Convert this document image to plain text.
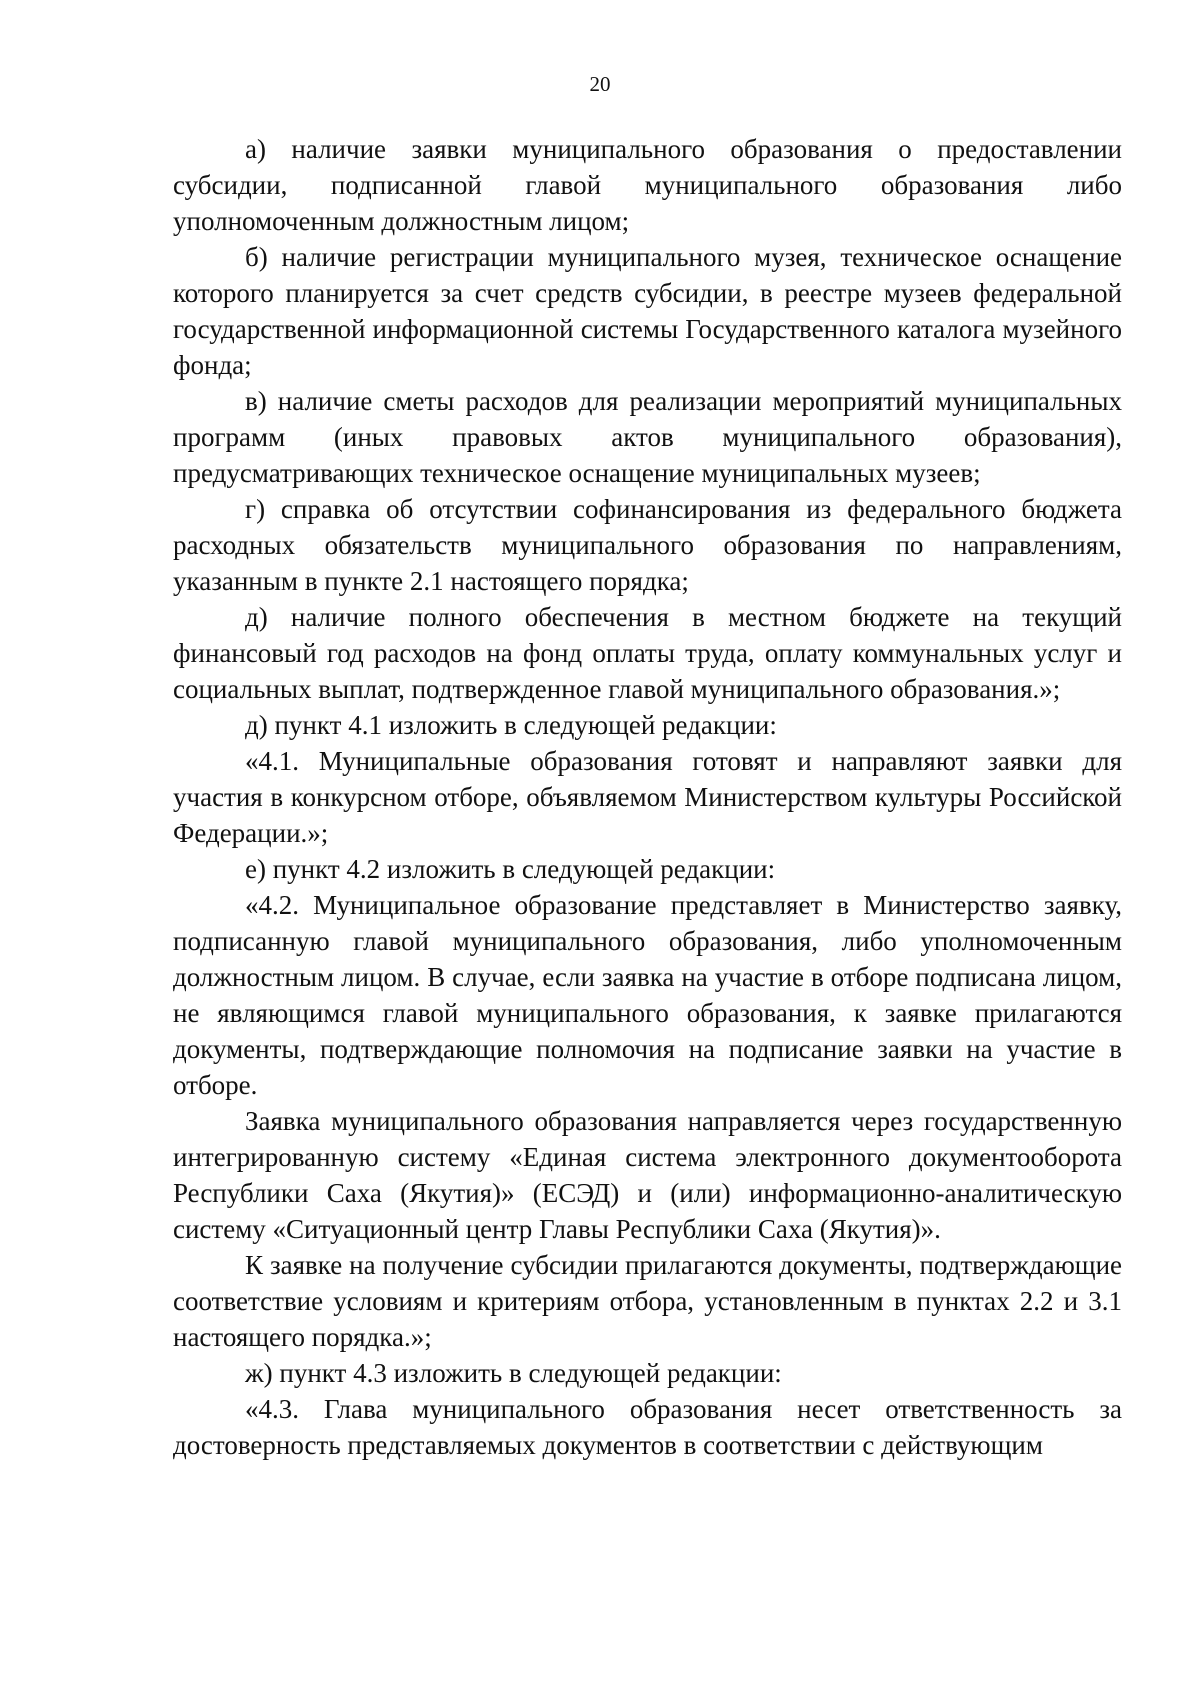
20

а) наличие заявки муниципального образования о предоставлении субсидии, подписанной главой муниципального образования либо уполномоченным должностным лицом;

б) наличие регистрации муниципального музея, техническое оснащение которого планируется за счет средств субсидии, в реестре музеев федеральной государственной информационной системы Государственного каталога музейного фонда;

в) наличие сметы расходов для реализации мероприятий муниципальных программ (иных правовых актов муниципального образования), предусматривающих техническое оснащение муниципальных музеев;

г) справка об отсутствии софинансирования из федерального бюджета расходных обязательств муниципального образования по направлениям, указанным в пункте 2.1 настоящего порядка;

д) наличие полного обеспечения в местном бюджете на текущий финансовый год расходов на фонд оплаты труда, оплату коммунальных услуг и социальных выплат, подтвержденное главой муниципального образования.»;

д) пункт 4.1 изложить в следующей редакции:

«4.1. Муниципальные образования готовят и направляют заявки для участия в конкурсном отборе, объявляемом Министерством культуры Российской Федерации.»;

е) пункт 4.2 изложить в следующей редакции:

«4.2. Муниципальное образование представляет в Министерство заявку, подписанную главой муниципального образования, либо уполномоченным должностным лицом. В случае, если заявка на участие в отборе подписана лицом, не являющимся главой муниципального образования, к заявке прилагаются документы, подтверждающие полномочия на подписание заявки на участие в отборе.

Заявка муниципального образования направляется через государственную интегрированную систему «Единая система электронного документооборота Республики Саха (Якутия)» (ЕСЭД) и (или) информационно-аналитическую систему «Ситуационный центр Главы Республики Саха (Якутия)».

К заявке на получение субсидии прилагаются документы, подтверждающие соответствие условиям и критериям отбора, установленным в пунктах 2.2 и 3.1 настоящего порядка.»;

ж) пункт 4.3 изложить в следующей редакции:

«4.3. Глава муниципального образования несет ответственность за достоверность представляемых документов в соответствии с действующим
